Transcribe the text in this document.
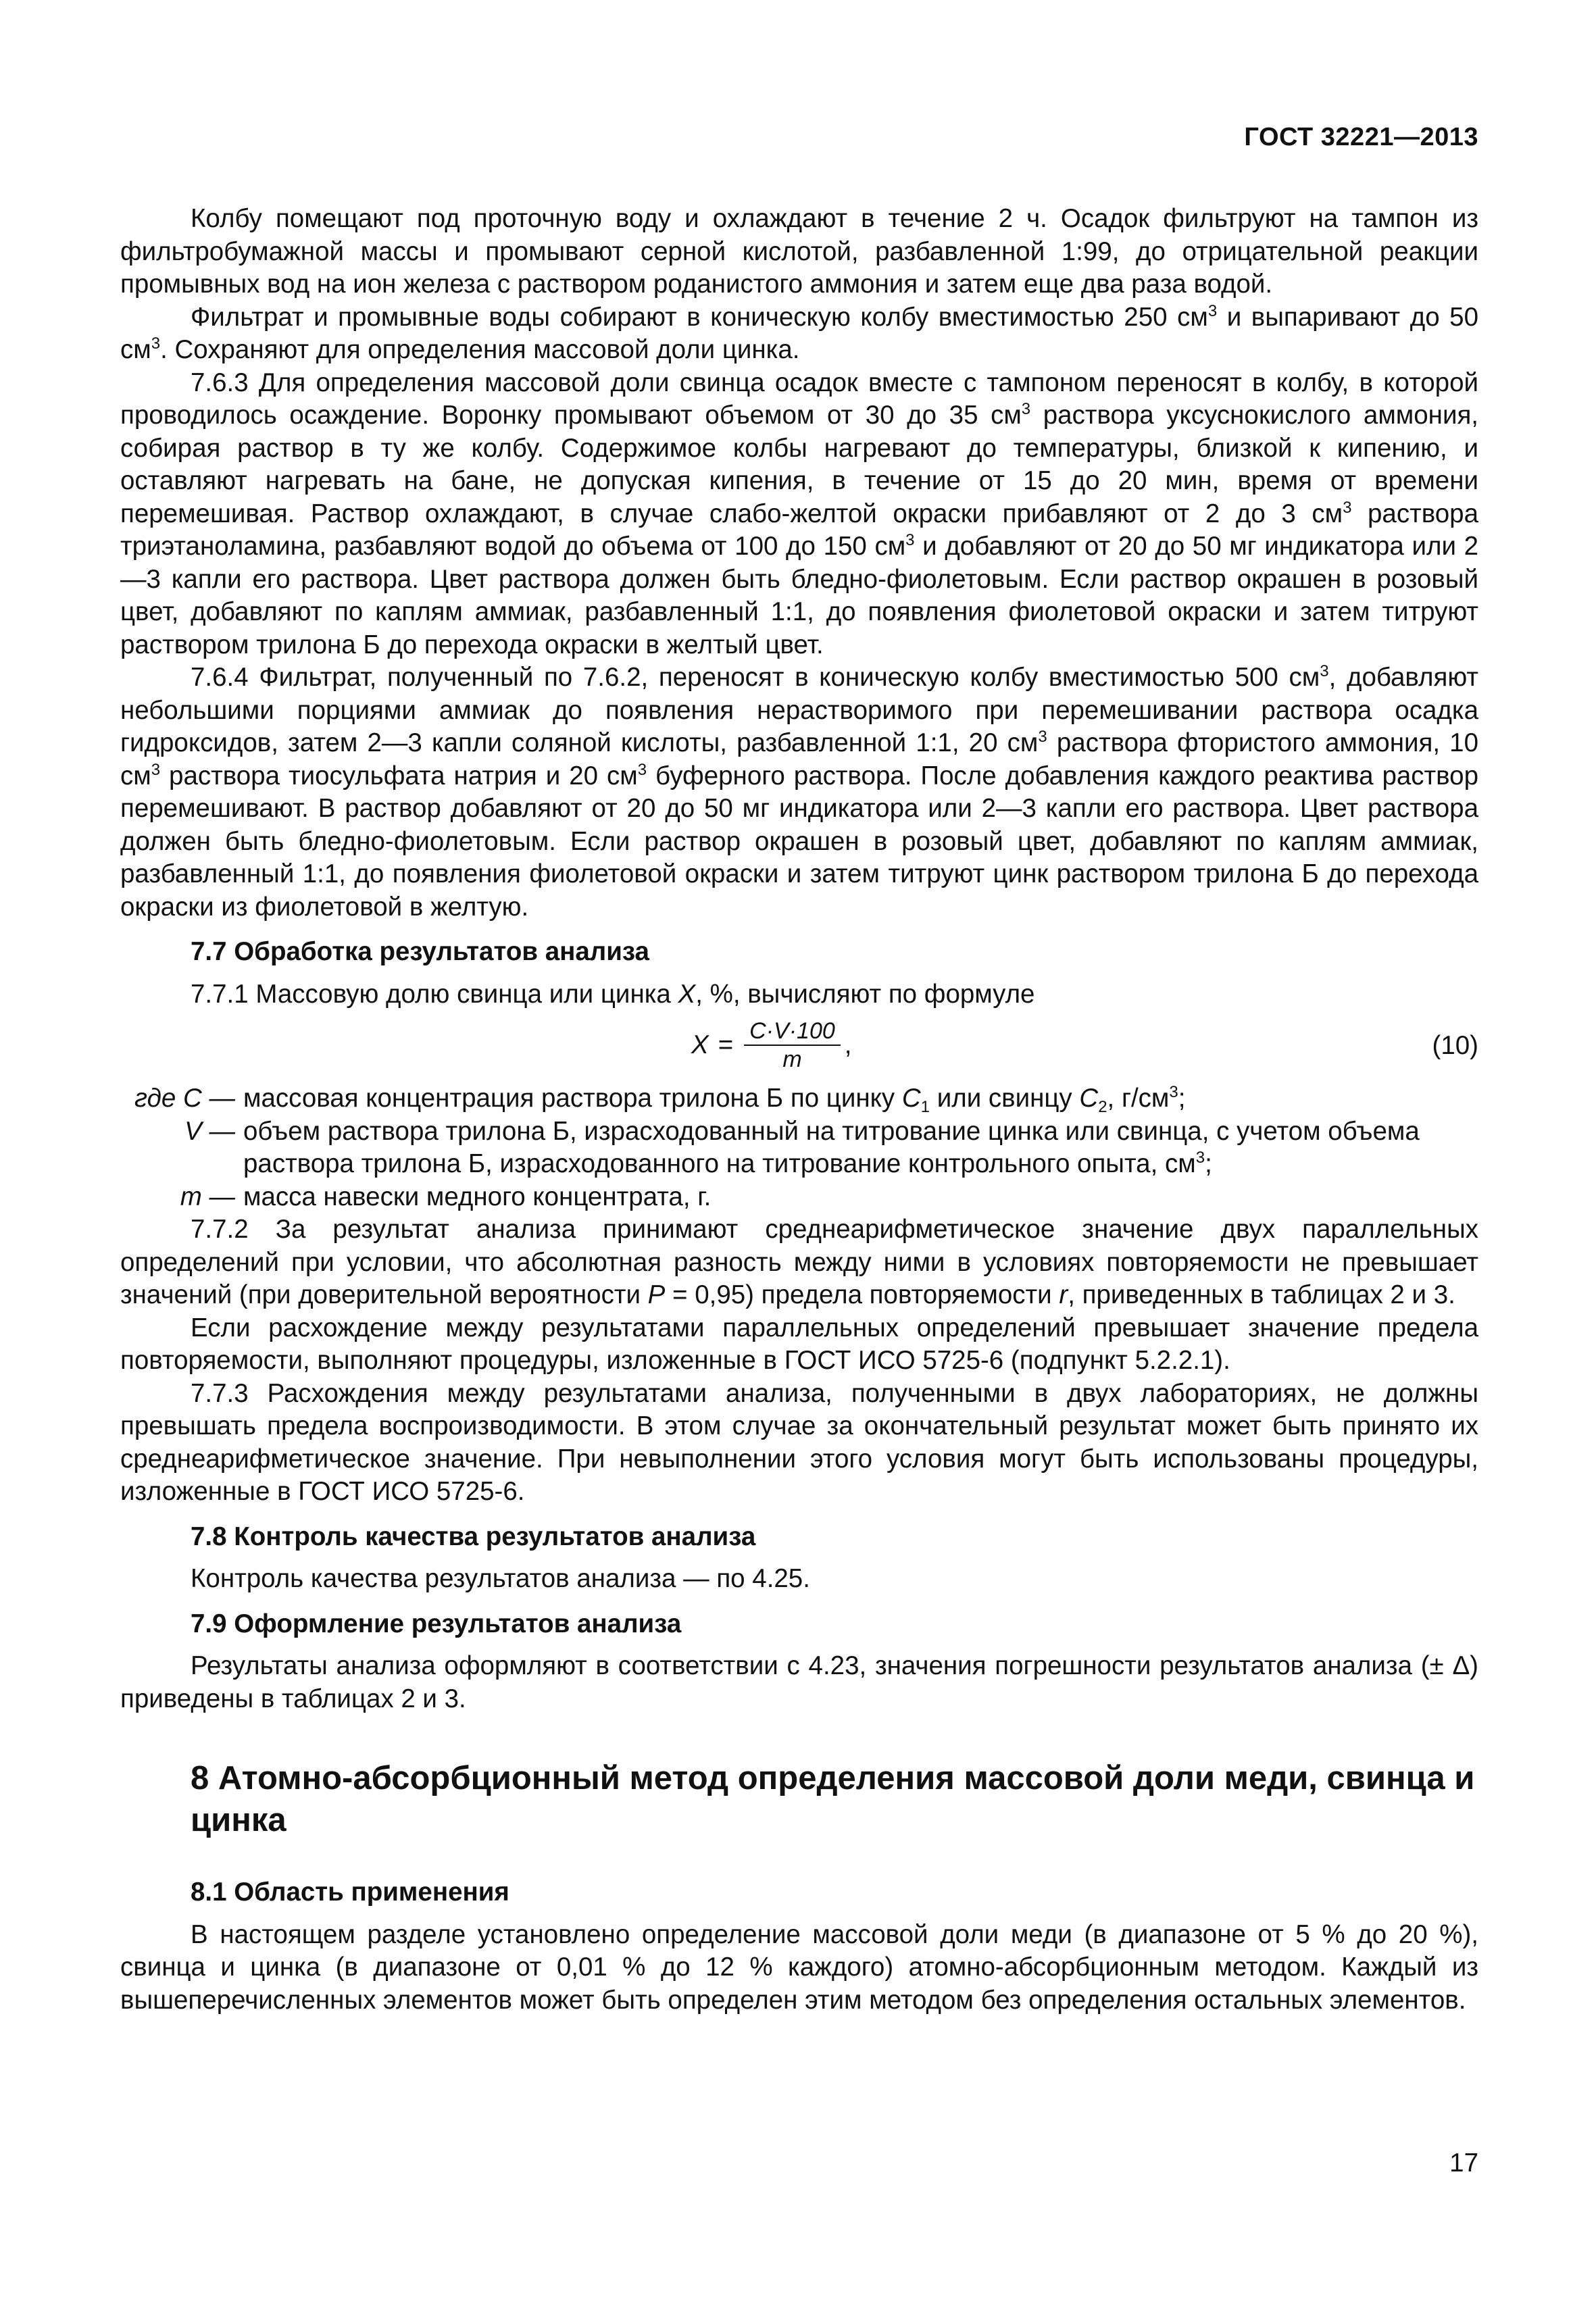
ГОСТ 32221—2013

Колбу помещают под проточную воду и охлаждают в течение 2 ч. Осадок фильтруют на тампон из фильтробумажной массы и промывают серной кислотой, разбавленной 1:99, до отрицательной реакции промывных вод на ион железа с раствором роданистого аммония и затем еще два раза водой.

Фильтрат и промывные воды собирают в коническую колбу вместимостью 250 $см^3$ и выпаривают до 50 $см^3$. Сохраняют для определения массовой доли цинка.

7.6.3 Для определения массовой доли свинца осадок вместе с тампоном переносят в колбу, в которой проводилось осаждение. Воронку промывают объемом от 30 до 35 $см^3$ раствора уксуснокислого аммония, собирая раствор в ту же колбу. Содержимое колбы нагревают до температуры, близкой к кипению, и оставляют нагревать на бане, не допуская кипения, в течение от 15 до 20 мин, время от времени перемешивая. Раствор охлаждают, в случае слабо-желтой окраски прибавляют от 2 до 3 $см^3$ раствора триэтаноламина, разбавляют водой до объема от 100 до 150 $см^3$ и добавляют от 20 до 50 мг индикатора или 2—3 капли его раствора. Цвет раствора должен быть бледно-фиолетовым. Если раствор окрашен в розовый цвет, добавляют по каплям аммиак, разбавленный 1:1, до появления фиолетовой окраски и затем титруют раствором трилона Б до перехода окраски в желтый цвет.

7.6.4 Фильтрат, полученный по 7.6.2, переносят в коническую колбу вместимостью 500 $см^3$, добавляют небольшими порциями аммиак до появления нерастворимого при перемешивании раствора осадка гидроксидов, затем 2—3 капли соляной кислоты, разбавленной 1:1, 20 $см^3$ раствора фтористого аммония, 10 $см^3$ раствора тиосульфата натрия и 20 $см^3$ буферного раствора. После добавления каждого реактива раствор перемешивают. В раствор добавляют от 20 до 50 мг индикатора или 2—3 капли его раствора. Цвет раствора должен быть бледно-фиолетовым. Если раствор окрашен в розовый цвет, добавляют по каплям аммиак, разбавленный 1:1, до появления фиолетовой окраски и затем титруют цинк раствором трилона Б до перехода окраски из фиолетовой в желтую.

7.7 Обработка результатов анализа

7.7.1 Массовую долю свинца или цинка X, %, вычисляют по формуле

$X = \frac{C\cdot V\cdot 100}{m}$ ,	(10)
где C — массовая концентрация раствора трилона Б по цинку $C_1$ или свинцу $C_2$, $г/см^3$;
V — объем раствора трилона Б, израсходованный на титрование цинка или свинца, с учетом объема раствора трилона Б, израсходованного на титрование контрольного опыта, $см^3$;
m — масса навески медного концентрата, г.

7.7.2 За результат анализа принимают среднеарифметическое значение двух параллельных определений при условии, что абсолютная разность между ними в условиях повторяемости не превышает значений (при доверительной вероятности P = 0,95) предела повторяемости r, приведенных в таблицах 2 и 3.

Если расхождение между результатами параллельных определений превышает значение предела повторяемости, выполняют процедуры, изложенные в ГОСТ ИСО 5725-6 (подпункт 5.2.2.1).

7.7.3 Расхождения между результатами анализа, полученными в двух лабораториях, не должны превышать предела воспроизводимости. В этом случае за окончательный результат может быть принято их среднеарифметическое значение. При невыполнении этого условия могут быть использованы процедуры, изложенные в ГОСТ ИСО 5725-6.

7.8 Контроль качества результатов анализа

Контроль качества результатов анализа — по 4.25.

7.9 Оформление результатов анализа

Результаты анализа оформляют в соответствии с 4.23, значения погрешности результатов анализа (± Δ) приведены в таблицах 2 и 3.

8 Атомно-абсорбционный метод определения массовой доли меди, свинца и цинка
8.1 Область применения

В настоящем разделе установлено определение массовой доли меди (в диапазоне от 5 % до 20 %), свинца и цинка (в диапазоне от 0,01 % до 12 % каждого) атомно-абсорбционным методом. Каждый из вышеперечисленных элементов может быть определен этим методом без определения остальных элементов.

17
